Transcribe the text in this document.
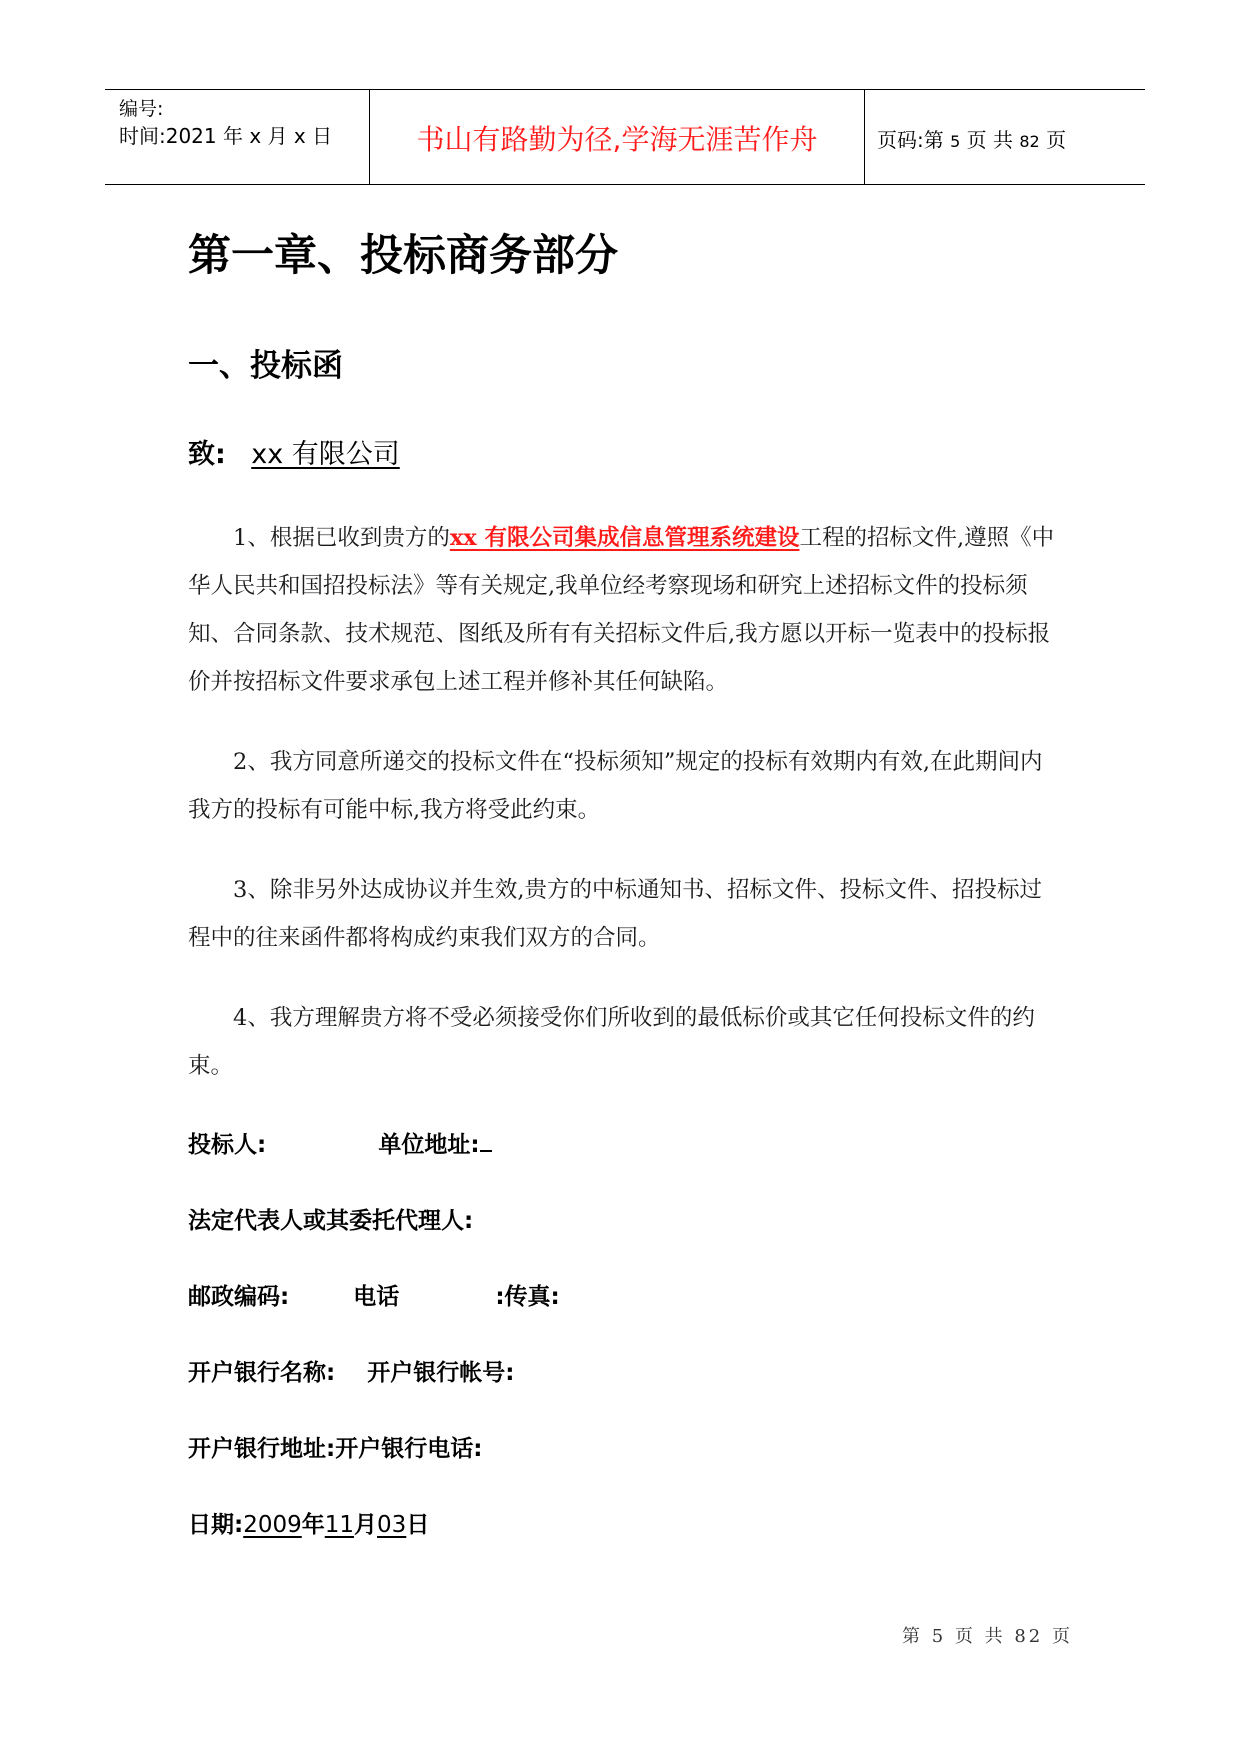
编号:
时间:2021 年 x 月 x 日	书山有路勤为径,学海无涯苦作舟	页码:第 5 页 共 82 页
第一章、投标商务部分
一、投标函
致: xx 有限公司
1、根据已收到贵方的xx 有限公司集成信息管理系统建设工程的招标文件,遵照《中华人民共和国招投标法》等有关规定,我单位经考察现场和研究上述招标文件的投标须知、合同条款、技术规范、图纸及所有有关招标文件后,我方愿以开标一览表中的投标报价并按招标文件要求承包上述工程并修补其任何缺陷。
2、我方同意所递交的投标文件在“投标须知”规定的投标有效期内有效,在此期间内我方的投标有可能中标,我方将受此约束。
3、除非另外达成协议并生效,贵方的中标通知书、招标文件、投标文件、招投标过程中的往来函件都将构成约束我们双方的合同。
4、我方理解贵方将不受必须接受你们所收到的最低标价或其它任何投标文件的约束。
投标人:	单位地址:
法定代表人或其委托代理人:
邮政编码:	电话	:传真:
开户银行名称: 开户银行帐号:
开户银行地址:开户银行电话:
日期:2009年11月03日
第 5 页 共 82 页
